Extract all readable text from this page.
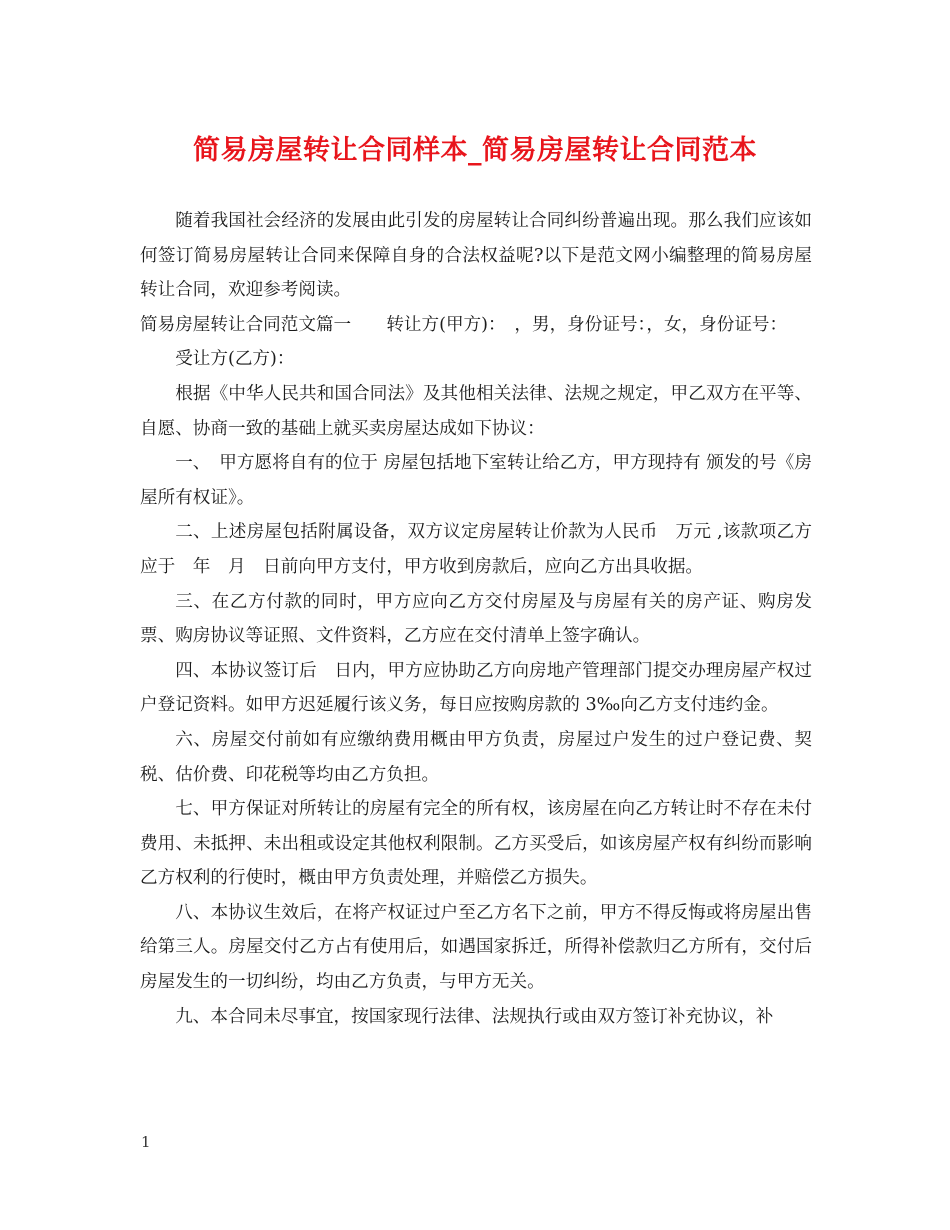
简易房屋转让合同样本_简易房屋转让合同范本

随着我国社会经济的发展由此引发的房屋转让合同纠纷普遍出现。那么我们应该如何签订简易房屋转让合同来保障自身的合法权益呢?以下是范文网小编整理的简易房屋转让合同，欢迎参考阅读。

简易房屋转让合同范文篇一　　转让方(甲方)：　，男，身份证号：，女，身份证号：

受让方(乙方)：

根据《中华人民共和国合同法》及其他相关法律、法规之规定，甲乙双方在平等、自愿、协商一致的基础上就买卖房屋达成如下协议：

一、　甲方愿将自有的位于 房屋包括地下室转让给乙方，甲方现持有 颁发的号《房屋所有权证》。

二、上述房屋包括附属设备，双方议定房屋转让价款为人民币　万元 ,该款项乙方应于　年　月　日前向甲方支付，甲方收到房款后，应向乙方出具收据。

三、在乙方付款的同时，甲方应向乙方交付房屋及与房屋有关的房产证、购房发票、购房协议等证照、文件资料，乙方应在交付清单上签字确认。

四、本协议签订后　日内，甲方应协助乙方向房地产管理部门提交办理房屋产权过户登记资料。如甲方迟延履行该义务，每日应按购房款的 3‰向乙方支付违约金。

六、房屋交付前如有应缴纳费用概由甲方负责，房屋过户发生的过户登记费、契税、估价费、印花税等均由乙方负担。

七、甲方保证对所转让的房屋有完全的所有权，该房屋在向乙方转让时不存在未付费用、未抵押、未出租或设定其他权利限制。乙方买受后，如该房屋产权有纠纷而影响乙方权利的行使时，概由甲方负责处理，并赔偿乙方损失。

八、本协议生效后，在将产权证过户至乙方名下之前，甲方不得反悔或将房屋出售给第三人。房屋交付乙方占有使用后，如遇国家拆迁，所得补偿款归乙方所有，交付后房屋发生的一切纠纷，均由乙方负责，与甲方无关。

九、本合同未尽事宜，按国家现行法律、法规执行或由双方签订补充协议，补

1
